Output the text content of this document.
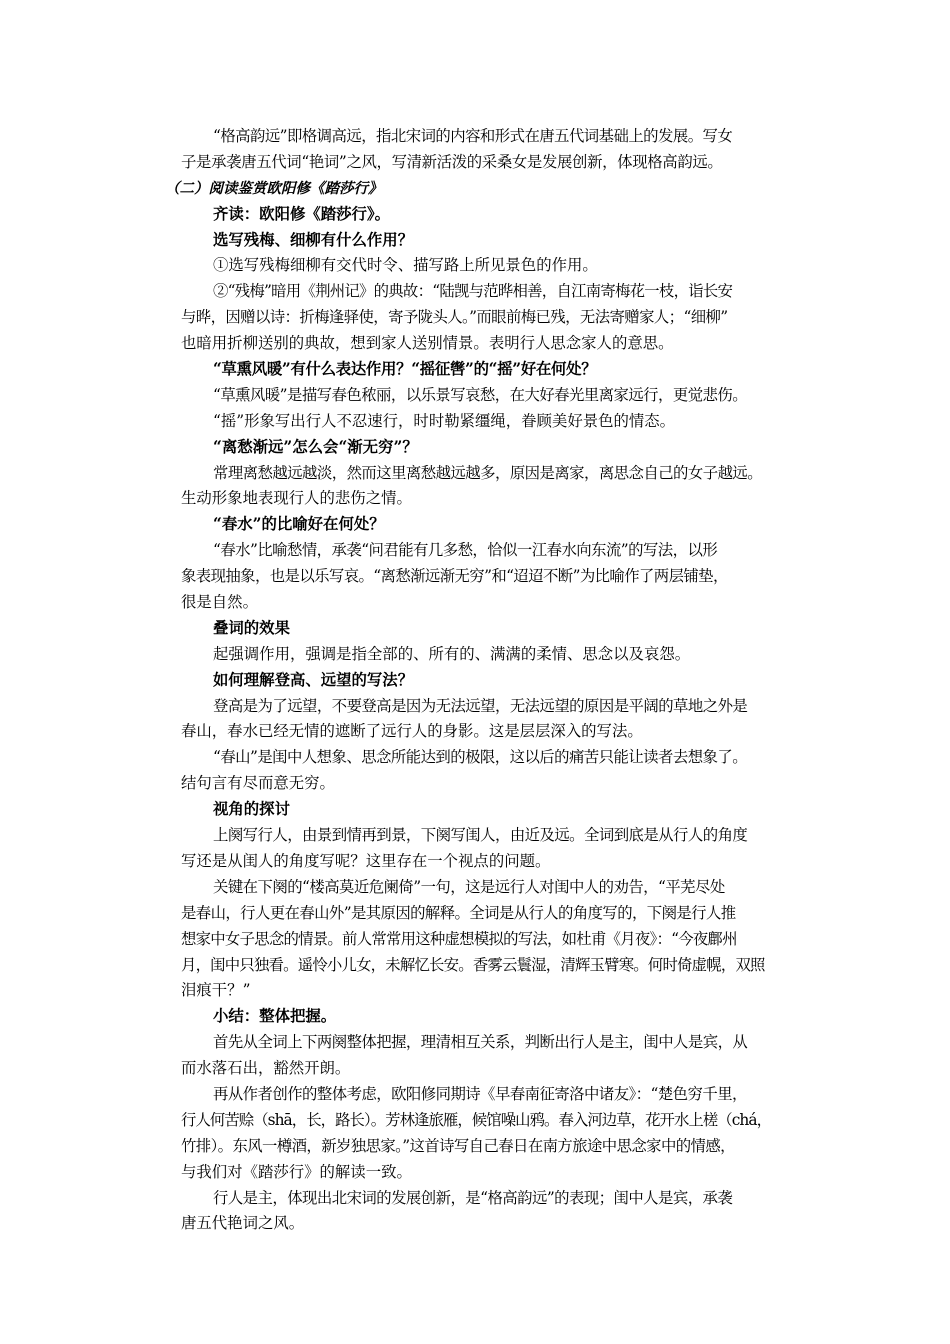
“格高韵远”即格调高远，指北宋词的内容和形式在唐五代词基础上的发展。写女
子是承袭唐五代词“艳词”之风，写清新活泼的采桑女是发展创新，体现格高韵远。
（二）阅读鉴赏欧阳修《踏莎行》
齐读：欧阳修《踏莎行》。
选写残梅、细柳有什么作用？
①选写残梅细柳有交代时令、描写路上所见景色的作用。
②“残梅”暗用《荆州记》的典故：“陆觊与范晔相善，自江南寄梅花一枝，诣长安
与晔，因赠以诗：折梅逢驿使，寄予陇头人。”而眼前梅已残，无法寄赠家人；“细柳”
也暗用折柳送别的典故，想到家人送别情景。表明行人思念家人的意思。
“草熏风暖”有什么表达作用？“摇征辔”的“摇”好在何处？
“草熏风暖”是描写春色秾丽，以乐景写哀愁，在大好春光里离家远行，更觉悲伤。
“摇”形象写出行人不忍速行，时时勒紧缰绳，眷顾美好景色的情态。
“离愁渐远”怎么会“渐无穷”？
常理离愁越远越淡，然而这里离愁越远越多，原因是离家，离思念自己的女子越远。
生动形象地表现行人的悲伤之情。
“春水”的比喻好在何处？
“春水”比喻愁情，承袭“问君能有几多愁，恰似一江春水向东流”的写法，以形
象表现抽象，也是以乐写哀。“离愁渐远渐无穷”和“迢迢不断”为比喻作了两层铺垫，
很是自然。
叠词的效果
起强调作用，强调是指全部的、所有的、满满的柔情、思念以及哀怨。
如何理解登高、远望的写法？
登高是为了远望，不要登高是因为无法远望，无法远望的原因是平阔的草地之外是
春山，春水已经无情的遮断了远行人的身影。这是层层深入的写法。
“春山”是闺中人想象、思念所能达到的极限，这以后的痛苦只能让读者去想象了。
结句言有尽而意无穷。
视角的探讨
上阕写行人，由景到情再到景，下阕写闺人，由近及远。全词到底是从行人的角度
写还是从闺人的角度写呢？这里存在一个视点的问题。
关键在下阕的“楼高莫近危阑倚”一句，这是远行人对闺中人的劝告，“平芜尽处
是春山，行人更在春山外”是其原因的解释。全词是从行人的角度写的，下阕是行人推
想家中女子思念的情景。前人常常用这种虚想模拟的写法，如杜甫《月夜》：“今夜鄜州
月，闺中只独看。遥怜小儿女，未解忆长安。香雾云鬟湿，清辉玉臂寒。何时倚虚幌，双照
泪痕干？”
小结：整体把握。
首先从全词上下两阕整体把握，理清相互关系，判断出行人是主，闺中人是宾，从
而水落石出，豁然开朗。
再从作者创作的整体考虑，欧阳修同期诗《早春南征寄洛中诸友》：“楚色穷千里，
行人何苦赊（shā，长，路长）。芳林逢旅雁，候馆噪山鸦。春入河边草，花开水上槎（chá，
竹排）。东风一樽酒，新岁独思家。”这首诗写自己春日在南方旅途中思念家中的情感，
与我们对《踏莎行》的解读一致。
行人是主，体现出北宋词的发展创新，是“格高韵远”的表现；闺中人是宾，承袭
唐五代艳词之风。
